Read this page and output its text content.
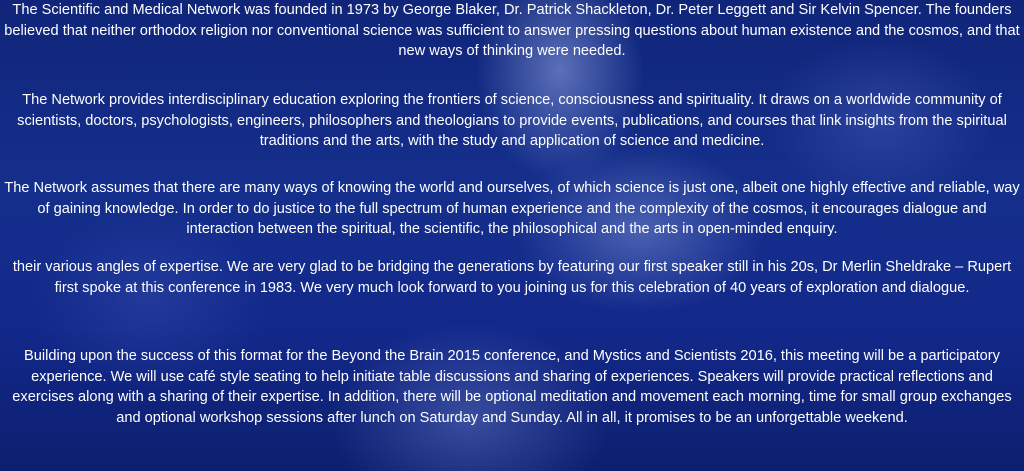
The Scientific and Medical Network was founded in 1973 by George Blaker, Dr. Patrick Shackleton, Dr. Peter Leggett and Sir Kelvin Spencer. The founders believed that neither orthodox religion nor conventional science was sufficient to answer pressing questions about human existence and the cosmos, and that new ways of thinking were needed.

The Network provides interdisciplinary education exploring the frontiers of science, consciousness and spirituality. It draws on a worldwide community of scientists, doctors, psychologists, engineers, philosophers and theologians to provide events, publications, and courses that link insights from the spiritual traditions and the arts, with the study and application of science and medicine.

The Network assumes that there are many ways of knowing the world and ourselves, of which science is just one, albeit one highly effective and reliable, way of gaining knowledge. In order to do justice to the full spectrum of human experience and the complexity of the cosmos, it encourages dialogue and interaction between the spiritual, the scientific, the philosophical and the arts in open-minded enquiry.

their various angles of expertise. We are very glad to be bridging the generations by featuring our first speaker still in his 20s, Dr Merlin Sheldrake – Rupert first spoke at this conference in 1983. We very much look forward to you joining us for this celebration of 40 years of exploration and dialogue.

Building upon the success of this format for the Beyond the Brain 2015 conference, and Mystics and Scientists 2016, this meeting will be a participatory experience. We will use café style seating to help initiate table discussions and sharing of experiences. Speakers will provide practical reflections and exercises along with a sharing of their expertise. In addition, there will be optional meditation and movement each morning, time for small group exchanges and optional workshop sessions after lunch on Saturday and Sunday. All in all, it promises to be an unforgettable weekend.
